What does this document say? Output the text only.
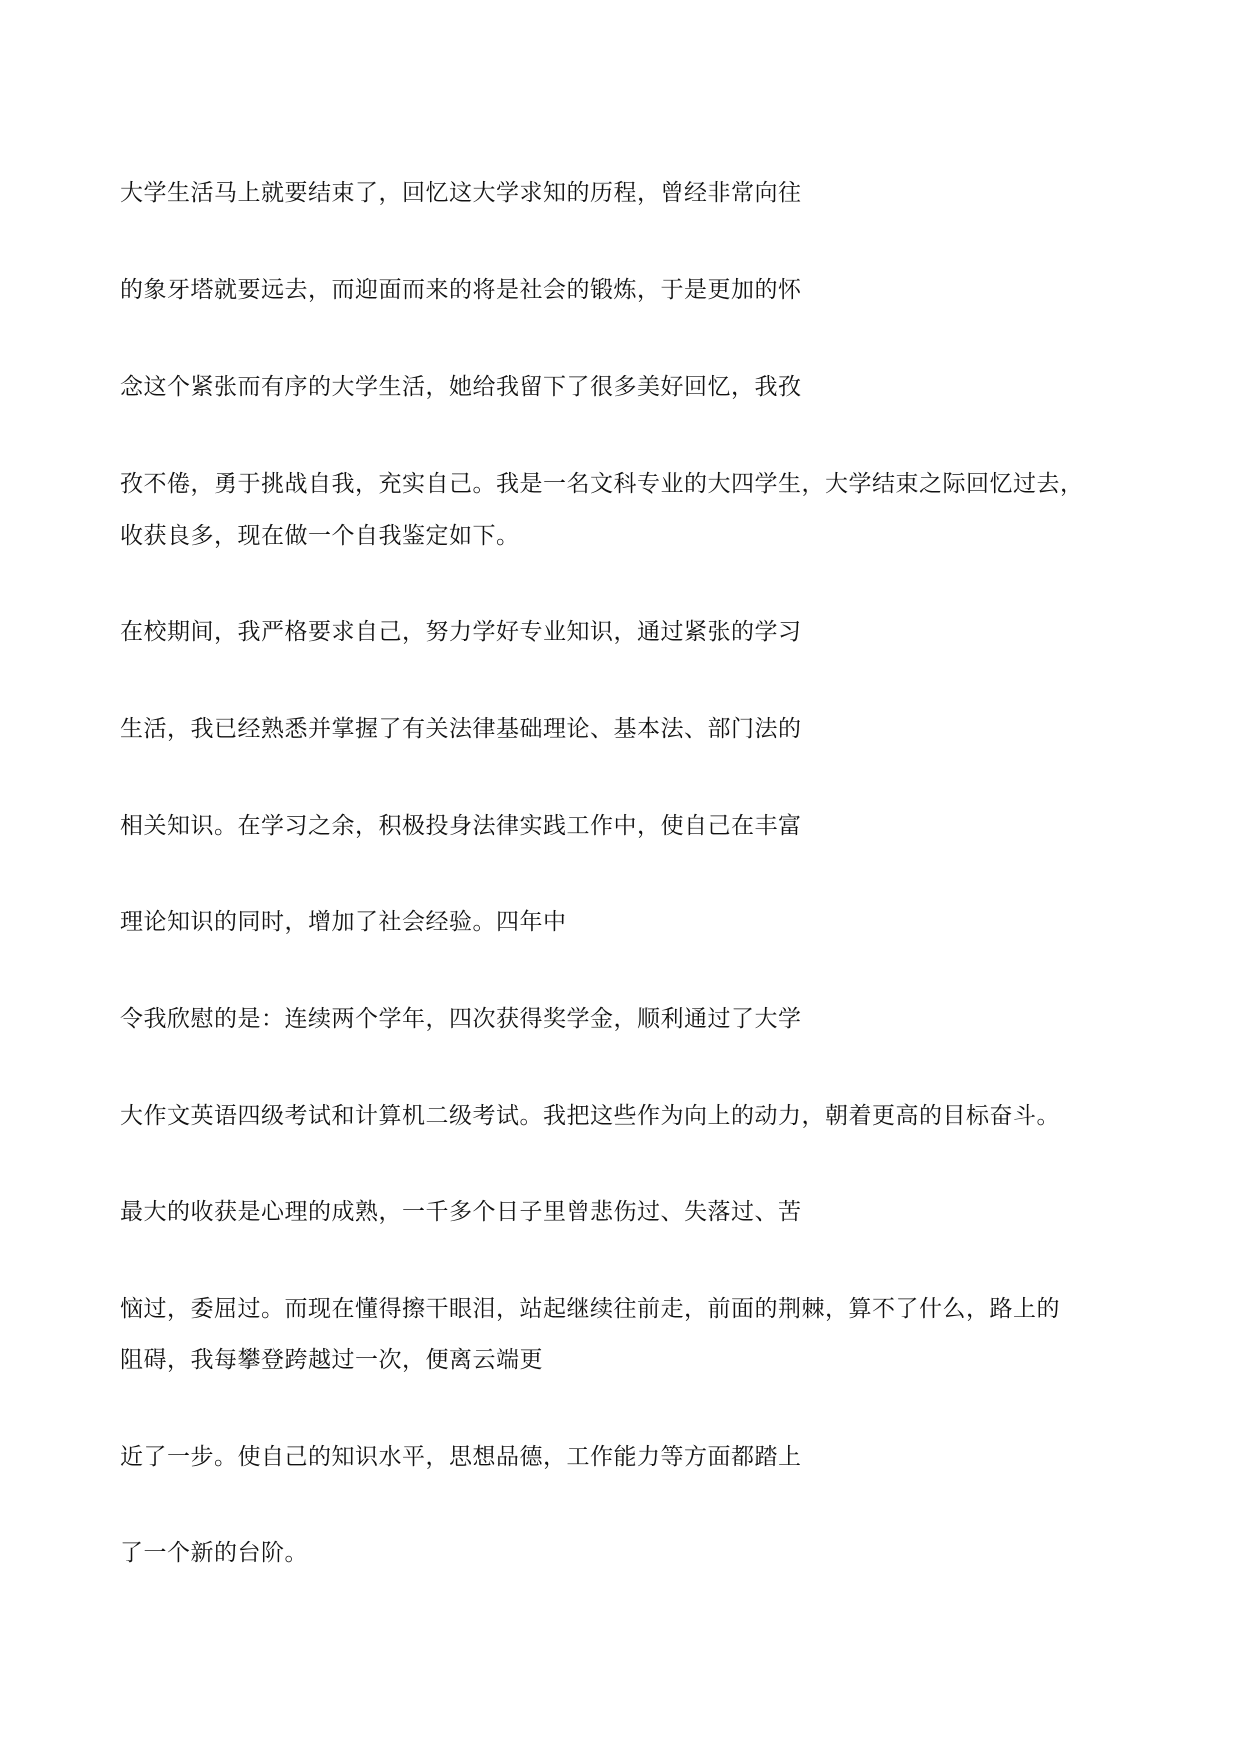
大学生活马上就要结束了，回忆这大学求知的历程，曾经非常向往
的象牙塔就要远去，而迎面而来的将是社会的锻炼，于是更加的怀
念这个紧张而有序的大学生活，她给我留下了很多美好回忆，我孜
孜不倦，勇于挑战自我，充实自己。我是一名文科专业的大四学生，大学结束之际回忆过去，
收获良多，现在做一个自我鉴定如下。
在校期间，我严格要求自己，努力学好专业知识，通过紧张的学习
生活，我已经熟悉并掌握了有关法律基础理论、基本法、部门法的
相关知识。在学习之余，积极投身法律实践工作中，使自己在丰富
理论知识的同时，增加了社会经验。四年中
令我欣慰的是：连续两个学年，四次获得奖学金，顺利通过了大学
大作文英语四级考试和计算机二级考试。我把这些作为向上的动力，朝着更高的目标奋斗。
最大的收获是心理的成熟，一千多个日子里曾悲伤过、失落过、苦
恼过，委屈过。而现在懂得擦干眼泪，站起继续往前走，前面的荆棘，算不了什么，路上的
阻碍，我每攀登跨越过一次，便离云端更
近了一步。使自己的知识水平，思想品德，工作能力等方面都踏上
了一个新的台阶。
